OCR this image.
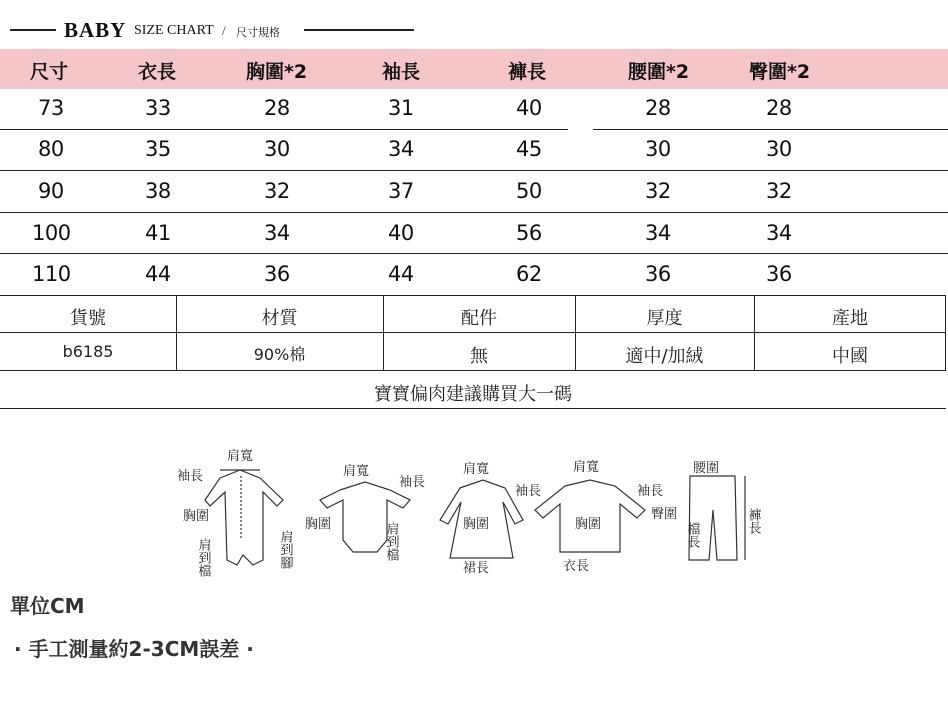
BABY SIZE CHART / 尺寸規格
尺寸	衣長	胸圍*2	袖長	褲長	腰圍*2	臀圍*2
73	33	28	31	40	28	28
80	35	30	34	45	30	30
90	38	32	37	50	32	32
100	41	34	40	56	34	34
110	44	36	44	62	36	36
貨號	材質	配件	厚度	產地
b6185	90%棉	無	適中/加絨	中國
寶寶偏肉建議購買大一碼
肩寬
袖長
胸圍
肩到檔	肩到腳
肩寬
袖長
胸圍	肩到檔
肩寬
袖長
胸圍
裙長
肩寬
袖長
胸圍
衣長
腰圍
臀圍
檔長
褲長
單位CM
· 手工測量約2-3CM誤差 ·
